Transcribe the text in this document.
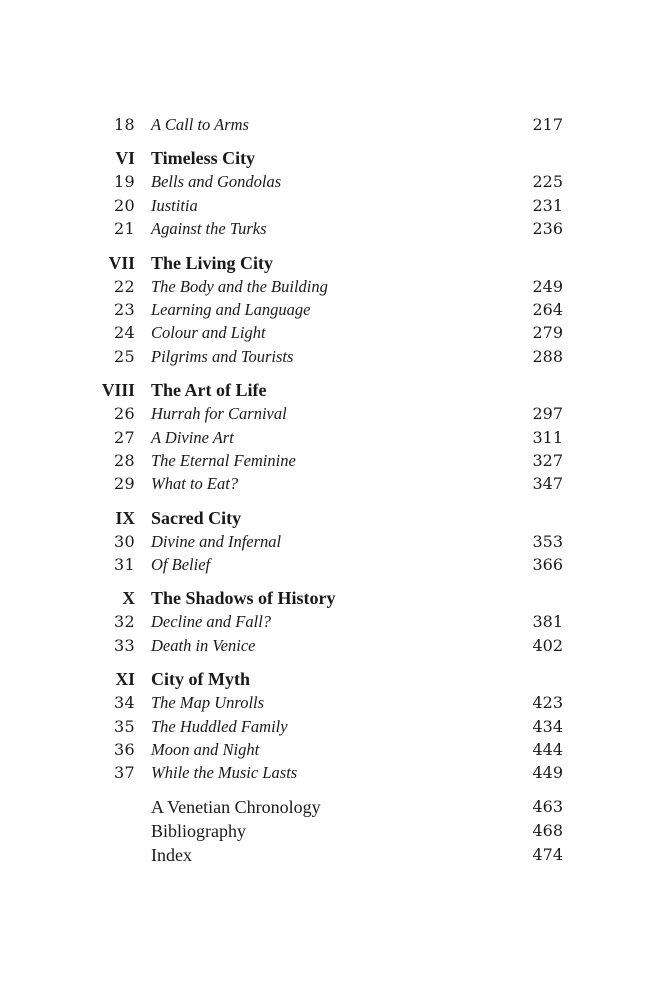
18 A Call to Arms	217
VI Timeless City
19 Bells and Gondolas	225
20 Iustitia	231
21 Against the Turks	236
VII The Living City
22 The Body and the Building	249
23 Learning and Language	264
24 Colour and Light	279
25 Pilgrims and Tourists	288
VIII The Art of Life
26 Hurrah for Carnival	297
27 A Divine Art	311
28 The Eternal Feminine	327
29 What to Eat?	347
IX Sacred City
30 Divine and Infernal	353
31 Of Belief	366
X The Shadows of History
32 Decline and Fall?	381
33 Death in Venice	402
XI City of Myth
34 The Map Unrolls	423
35 The Huddled Family	434
36 Moon and Night	444
37 While the Music Lasts	449
A Venetian Chronology	463
Bibliography	468
Index	474
